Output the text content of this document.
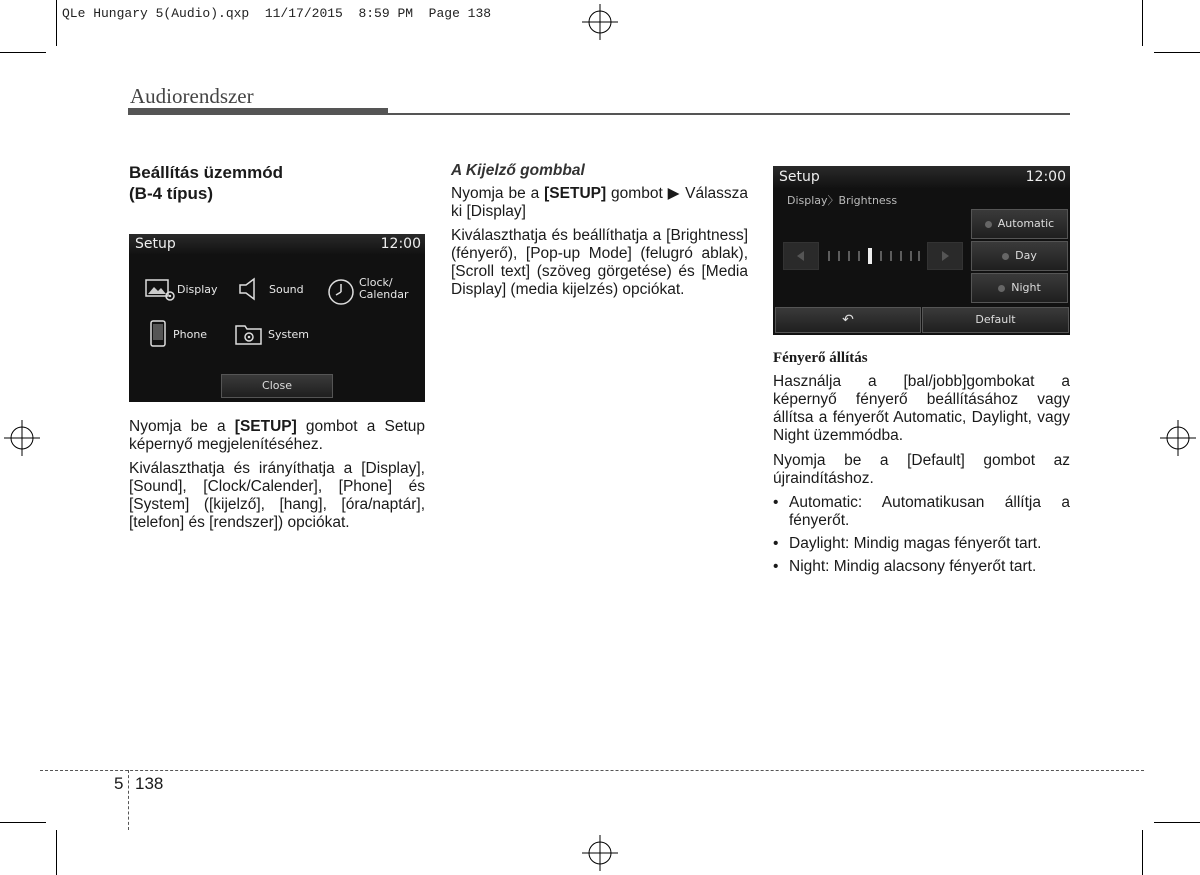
QLe Hungary 5(Audio).qxp  11/17/2015  8:59 PM  Page 138
Audiorendszer
Beállítás üzemmód
(B-4 típus)
Setup	12:00
Display	Sound
Clock/
Calendar
Phone	System
Close

Nyomja be a [SETUP] gombot a Setup képernyő megjelenítéséhez.

Kiválaszthatja és irányíthatja a [Display], [Sound], [Clock/Calender], [Phone] és [System] ([kijelző], [hang], [óra/naptár], [telefon] és [rendszer]) opciókat.

A Kijelző gombbal

Nyomja be a [SETUP] gombot ▶ Válassza ki [Display]

Kiválaszthatja és beállíthatja a [Brightness] (fényerő), [Pop-up Mode] (felugró ablak), [Scroll text] (szöveg görgetése) és [Media Display] (media kijelzés) opciókat.

Setup	12:00
Display〉Brightness
Automatic
Day
Night
↶	Default
Fényerő állítás

Használja a [bal/jobb]gombokat a képernyő fényerő beállításához vagy állítsa a fényerőt Automatic, Daylight, vagy Night üzemmódba.

Nyomja be a [Default] gombot az újraindításhoz.

• Automatic: Automatikusan állítja a fényerőt.
• Daylight: Mindig magas fényerőt tart.
• Night: Mindig alacsony fényerőt tart.
5 138
